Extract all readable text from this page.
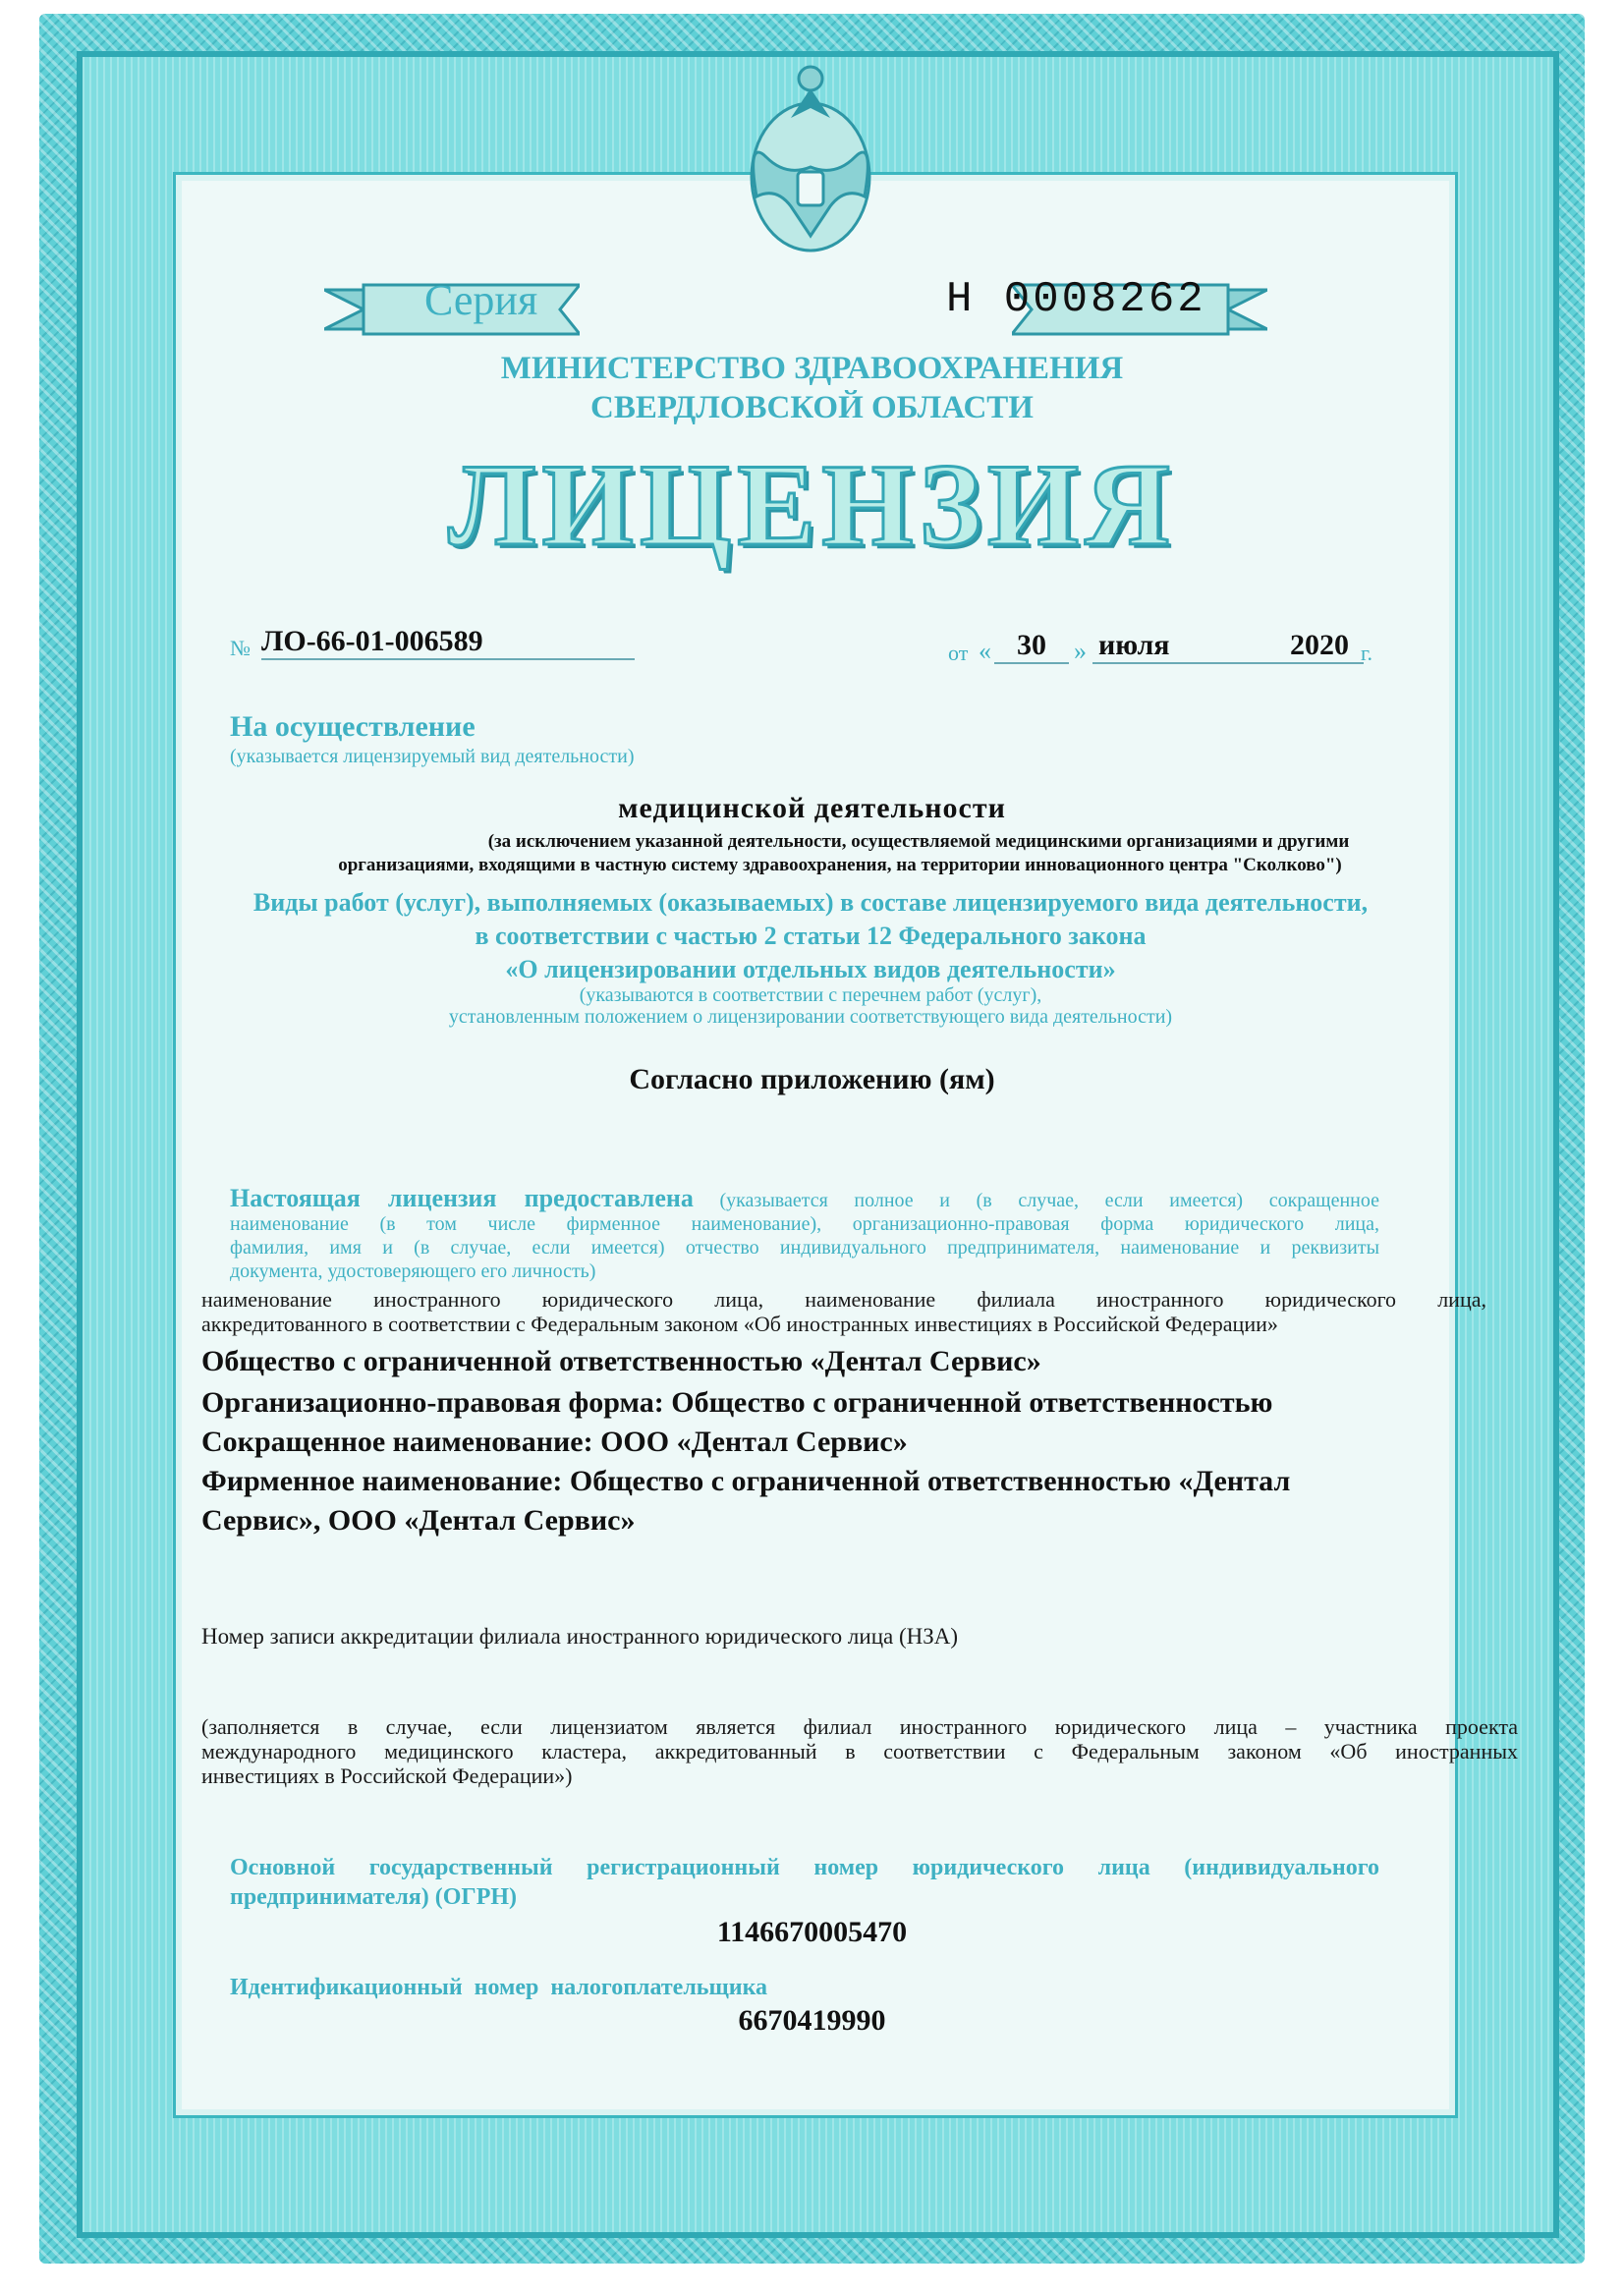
Серия	Н 0008262
МИНИСТЕРСТВО ЗДРАВООХРАНЕНИЯ
СВЕРДЛОВСКОЙ ОБЛАСТИ
ЛИЦЕНЗИЯ
№ ЛО-66-01-006589	от « 30	» июля	2020 г.
На осуществление
(указывается лицензируемый вид деятельности)
медицинской деятельности
(за исключением указанной деятельности, осуществляемой медицинскими организациями и другими
организациями, входящими в частную систему здравоохранения, на территории инновационного центра "Сколково")
Виды работ (услуг), выполняемых (оказываемых) в составе лицензируемого вида деятельности,
в соответствии с частью 2 статьи 12 Федерального закона
«О лицензировании отдельных видов деятельности»
(указываются в соответствии с перечнем работ (услуг),
установленным положением о лицензировании соответствующего вида деятельности)
Согласно приложению (ям)
Настоящая лицензия предоставлена (указывается полное и (в случае, если имеется) сокращенное
наименование (в том числе фирменное наименование), организационно-правовая форма юридического лица,
фамилия, имя и (в случае, если имеется) отчество индивидуального предпринимателя, наименование и реквизиты
документа, удостоверяющего его личность)
наименование иностранного юридического лица, наименование филиала иностранного юридического лица,
аккредитованного в соответствии с Федеральным законом «Об иностранных инвестициях в Российской Федерации»
Общество с ограниченной ответственностью «Дентал Сервис»
Организационно-правовая форма: Общество с ограниченной ответственностью
Сокращенное наименование: ООО «Дентал Сервис»
Фирменное наименование: Общество с ограниченной ответственностью «Дентал
Сервис», ООО «Дентал Сервис»
Номер записи аккредитации филиала иностранного юридического лица (НЗА)
(заполняется в случае, если лицензиатом является филиал иностранного юридического лица – участника проекта
международного медицинского кластера, аккредитованный в соответствии с Федеральным законом «Об иностранных
инвестициях в Российской Федерации»)
Основной государственный регистрационный номер юридического лица (индивидуального
предпринимателя) (ОГРН)
1146670005470
Идентификационный номер налогоплательщика
6670419990
